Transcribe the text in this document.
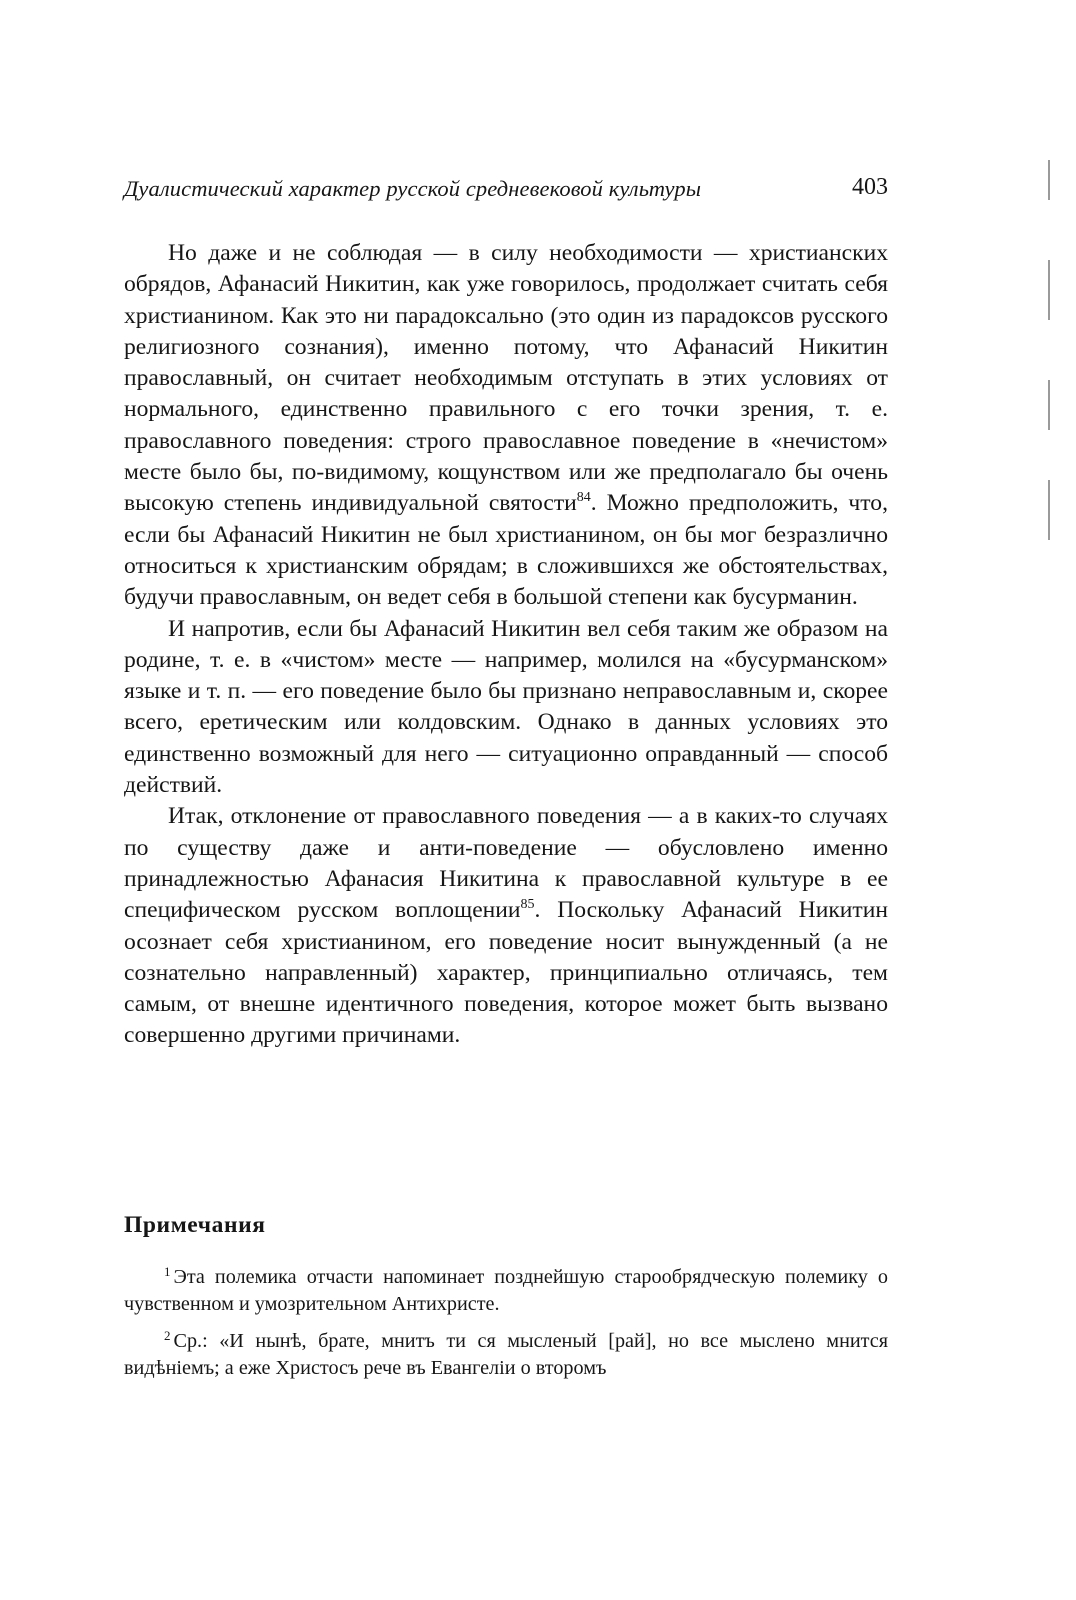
Дуалистический характер русской средневековой культуры	403

Но даже и не соблюдая — в силу необходимости — христианских обрядов, Афанасий Никитин, как уже говорилось, продолжает считать себя христианином. Как это ни парадоксально (это один из парадоксов русского религиозного сознания), именно потому, что Афанасий Никитин православный, он считает необходимым отступать в этих условиях от нормального, единственно правильного с его точки зрения, т. е. православного поведения: строго православное поведение в «нечистом» месте было бы, по-видимому, кощунством или же предполагало бы очень высокую степень индивидуальной святости$^{84}$. Можно предположить, что, если бы Афанасий Никитин не был христианином, он бы мог безразлично относиться к христианским обрядам; в сложившихся же обстоятельствах, будучи православным, он ведет себя в большой степени как бусурманин.

И напротив, если бы Афанасий Никитин вел себя таким же образом на родине, т. е. в «чистом» месте — например, молился на «бусурманском» языке и т. п. — его поведение было бы признано неправославным и, скорее всего, еретическим или колдовским. Однако в данных условиях это единственно возможный для него — ситуационно оправданный — способ действий.

Итак, отклонение от православного поведения — а в каких-то случаях по существу даже и анти-поведение — обусловлено именно принадлежностью Афанасия Никитина к православной культуре в ее специфическом русском воплощении$^{85}$. Поскольку Афанасий Никитин осознает себя христианином, его поведение носит вынужденный (а не сознательно направленный) характер, принципиально отличаясь, тем самым, от внешне идентичного поведения, которое может быть вызвано совершенно другими причинами.

Примечания

$^1$ Эта полемика отчасти напоминает позднейшую старообрядческую полемику о чувственном и умозрительном Антихристе.

$^2$ Ср.: «И нынѣ, брате, мнитъ ти ся мысленый [рай], но все мыслено мнится видѣнiемъ; а еже Христосъ рече въ Евангелiи о второмъ
